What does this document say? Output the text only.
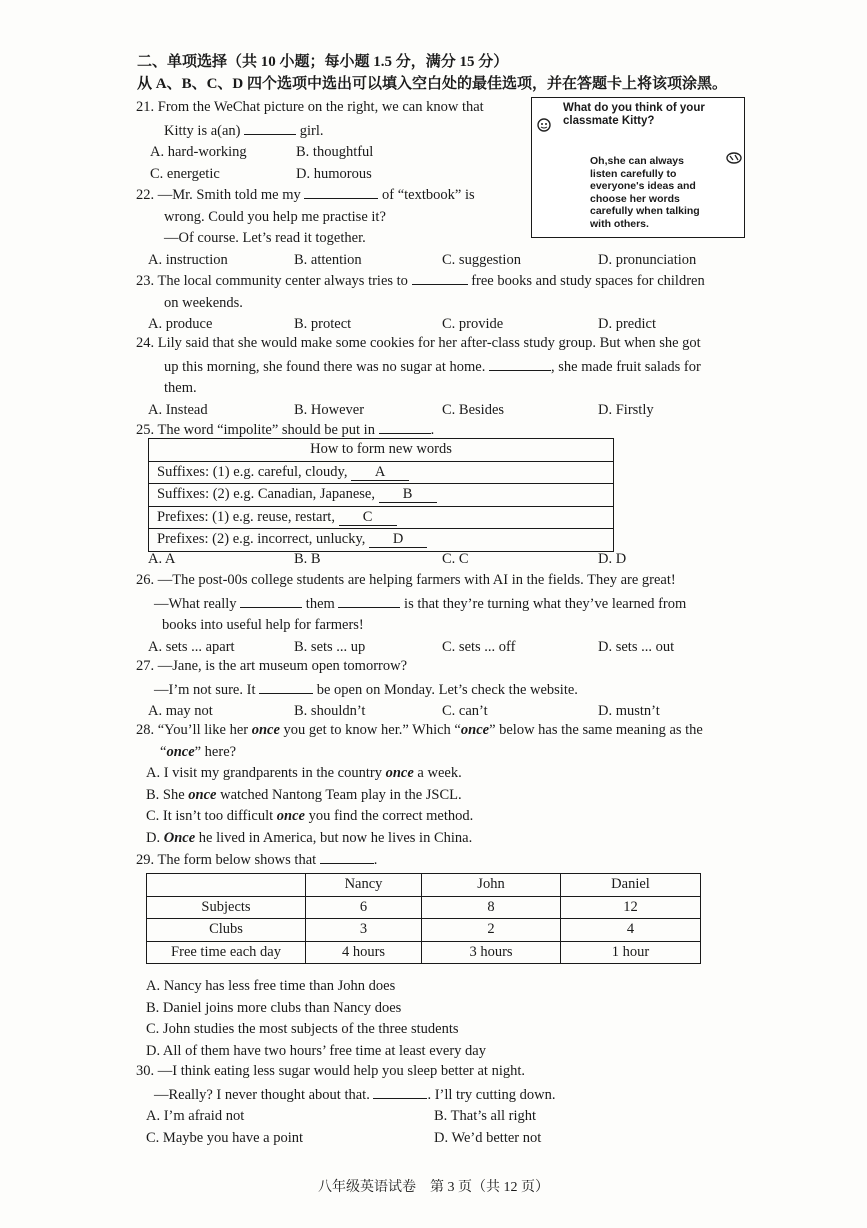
二、单项选择（共 10 小题；每小题 1.5 分，满分 15 分）
从 A、B、C、D 四个选项中选出可以填入空白处的最佳选项，并在答题卡上将该项涂黑。
What do you think of your classmate Kitty?
Oh,she can always listen carefully to everyone's ideas and choose her words carefully when talking with others.
21. From the WeChat picture on the right, we can know that
Kitty is a(an)	girl.
A. hard-working	B. thoughtful
C. energetic	D. humorous
22. —Mr. Smith told me my	of “textbook” is
wrong. Could you help me practise it?
—Of course. Let’s read it together.
A. instruction	B. attention	C. suggestion	D. pronunciation
23. The local community center always tries to	free books and study spaces for children
on weekends.
A. produce	B. protect	C. provide	D. predict
24. Lily said that she would make some cookies for her after-class study group. But when she got
up this morning, she found there was no sugar at home.	, she made fruit salads for
them.
A. Instead	B. However	C. Besides	D. Firstly
25. The word “impolite” should be put in	.
How to form new words
Suffixes: (1) e.g. careful, cloudy, A
Suffixes: (2) e.g. Canadian, Japanese, B
Prefixes: (1) e.g. reuse, restart, C
Prefixes: (2) e.g. incorrect, unlucky, D
A. A	B. B	C. C	D. D
26. —The post-00s college students are helping farmers with AI in the fields. They are great!
—What really	them	is that they’re turning what they’ve learned from
books into useful help for farmers!
A. sets ... apart	B. sets ... up	C. sets ... off	D. sets ... out
27. —Jane, is the art museum open tomorrow?
—I’m not sure. It	be open on Monday. Let’s check the website.
A. may not	B. shouldn’t	C. can’t	D. mustn’t
28. “You’ll like her once you get to know her.” Which “once” below has the same meaning as the
“once” here?
A. I visit my grandparents in the country once a week.
B. She once watched Nantong Team play in the JSCL.
C. It isn’t too difficult once you find the correct method.
D. Once he lived in America, but now he lives in China.
29. The form below shows that	.
	Nancy	John	Daniel
Subjects	6	8	12
Clubs	3	2	4
Free time each day	4 hours	3 hours	1 hour
A. Nancy has less free time than John does
B. Daniel joins more clubs than Nancy does
C. John studies the most subjects of the three students
D. All of them have two hours’ free time at least every day
30. —I think eating less sugar would help you sleep better at night.
—Really? I never thought about that.	. I’ll try cutting down.
A. I’m afraid not	B. That’s all right
C. Maybe you have a point	D. We’d better not
八年级英语试卷　第 3 页（共 12 页）
